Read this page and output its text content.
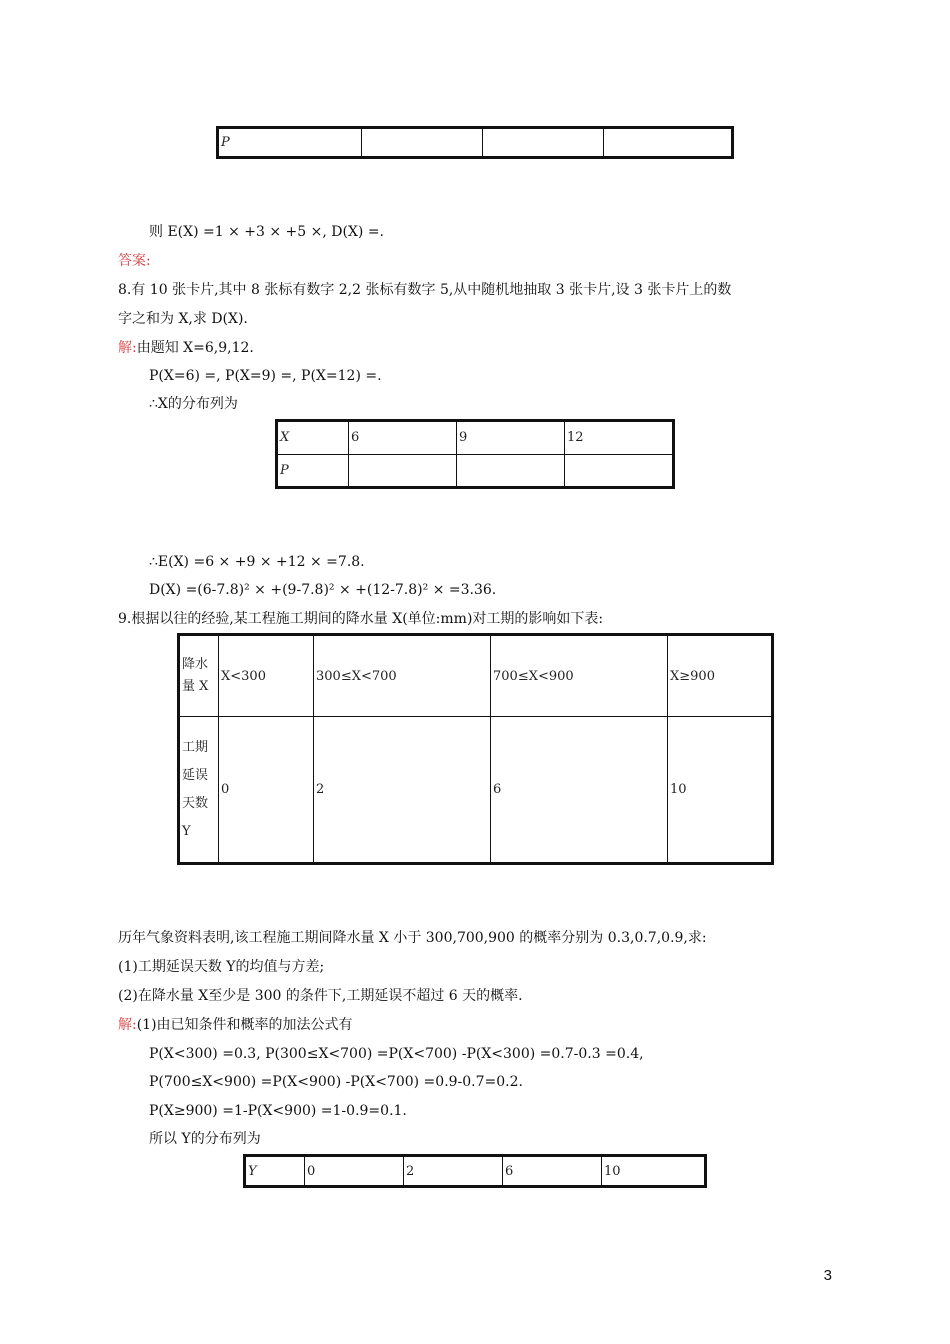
P			
则 E(X) =1 × +3 × +5 ×, D(X) =.
答案:
8.有 10 张卡片,其中 8 张标有数字 2,2 张标有数字 5,从中随机地抽取 3 张卡片,设 3 张卡片上的数
字之和为 X,求 D(X).
解:由题知 X=6,9,12.
P(X=6) =, P(X=9) =, P(X=12) =.
∴X的分布列为
X	6	9	12
P			
∴E(X) =6 × +9 × +12 × =7.8.
D(X) =(6-7.8)² × +(9-7.8)² × +(12-7.8)² × =3.36.
9.根据以往的经验,某工程施工期间的降水量 X(单位:mm)对工期的影响如下表:
降水量 X	X<300	300≤X<700	700≤X<900	X≥900
工期延误天数 Y	0	2	6	10
历年气象资料表明,该工程施工期间降水量 X 小于 300,700,900 的概率分别为 0.3,0.7,0.9,求:
(1)工期延误天数 Y的均值与方差;
(2)在降水量 X至少是 300 的条件下,工期延误不超过 6 天的概率.
解:(1)由已知条件和概率的加法公式有
P(X<300) =0.3, P(300≤X<700) =P(X<700) -P(X<300) =0.7-0.3 =0.4,
P(700≤X<900) =P(X<900) -P(X<700) =0.9-0.7=0.2.
P(X≥900) =1-P(X<900) =1-0.9=0.1.
所以 Y的分布列为
Y	0	2	6	10
3
